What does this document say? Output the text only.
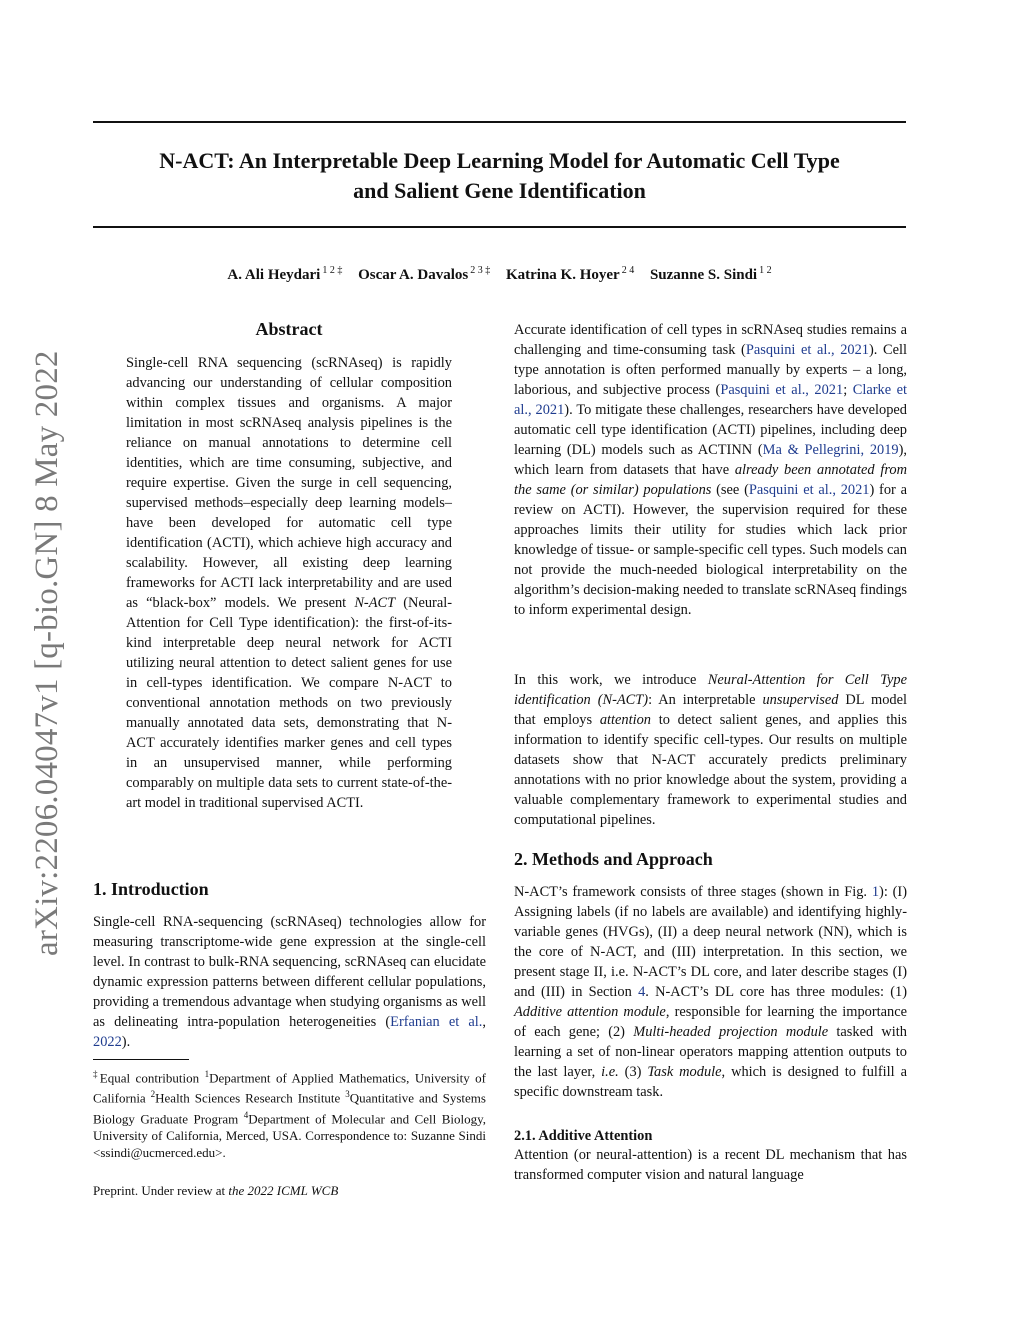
N-ACT: An Interpretable Deep Learning Model for Automatic Cell Type
and Salient Gene Identification
A. Ali Heydari $^{1 2 \ddagger}$ Oscar A. Davalos $^{2 3 \ddagger}$ Katrina K. Hoyer $^{2 4}$ Suzanne S. Sindi $^{1 2}$
arXiv:2206.04047v1 [q-bio.GN] 8 May 2022
Abstract
Single-cell RNA sequencing (scRNAseq) is rapidly advancing our understanding of cellular composition within complex tissues and organisms. A major limitation in most scRNAseq analysis pipelines is the reliance on manual annotations to determine cell identities, which are time consuming, subjective, and require expertise. Given the surge in cell sequencing, supervised methods–especially deep learning models–have been developed for automatic cell type identification (ACTI), which achieve high accuracy and scalability. However, all existing deep learning frameworks for ACTI lack interpretability and are used as “black-box” models. We present N-ACT (Neural-Attention for Cell Type identification): the first-of-its-kind interpretable deep neural network for ACTI utilizing neural attention to detect salient genes for use in cell-types identification. We compare N-ACT to conventional annotation methods on two previously manually annotated data sets, demonstrating that N-ACT accurately identifies marker genes and cell types in an unsupervised manner, while performing comparably on multiple data sets to current state-of-the-art model in traditional supervised ACTI.
1. Introduction
Single-cell RNA-sequencing (scRNAseq) technologies allow for measuring transcriptome-wide gene expression at the single-cell level. In contrast to bulk-RNA sequencing, scRNAseq can elucidate dynamic expression patterns between different cellular populations, providing a tremendous advantage when studying organisms as well as delineating intra-population heterogeneities (Erfanian et al., 2022).
‡Equal contribution $^1$Department of Applied Mathematics, University of California $^2$Health Sciences Research Institute $^3$Quantitative and Systems Biology Graduate Program $^4$Department of Molecular and Cell Biology, University of California, Merced, USA. Correspondence to: Suzanne Sindi <ssindi@ucmerced.edu>.
Preprint. Under review at the 2022 ICML WCB
Accurate identification of cell types in scRNAseq studies remains a challenging and time-consuming task (Pasquini et al., 2021). Cell type annotation is often performed manually by experts – a long, laborious, and subjective process (Pasquini et al., 2021; Clarke et al., 2021). To mitigate these challenges, researchers have developed automatic cell type identification (ACTI) pipelines, including deep learning (DL) models such as ACTINN (Ma & Pellegrini, 2019), which learn from datasets that have already been annotated from the same (or similar) populations (see (Pasquini et al., 2021) for a review on ACTI). However, the supervision required for these approaches limits their utility for studies which lack prior knowledge of tissue- or sample-specific cell types. Such models can not provide the much-needed biological interpretability on the algorithm’s decision-making needed to translate scRNAseq findings to inform experimental design.
In this work, we introduce Neural-Attention for Cell Type identification (N-ACT): An interpretable unsupervised DL model that employs attention to detect salient genes, and applies this information to identify specific cell-types. Our results on multiple datasets show that N-ACT accurately predicts preliminary annotations with no prior knowledge about the system, providing a valuable complementary framework to experimental studies and computational pipelines.
2. Methods and Approach
N-ACT’s framework consists of three stages (shown in Fig. 1): (I) Assigning labels (if no labels are available) and identifying highly-variable genes (HVGs), (II) a deep neural network (NN), which is the core of N-ACT, and (III) interpretation. In this section, we present stage II, i.e. N-ACT’s DL core, and later describe stages (I) and (III) in Section 4. N-ACT’s DL core has three modules: (1) Additive attention module, responsible for learning the importance of each gene; (2) Multi-headed projection module tasked with learning a set of non-linear operators mapping attention outputs to the last layer, i.e. (3) Task module, which is designed to fulfill a specific downstream task.
2.1. Additive Attention
Attention (or neural-attention) is a recent DL mechanism that has transformed computer vision and natural language
